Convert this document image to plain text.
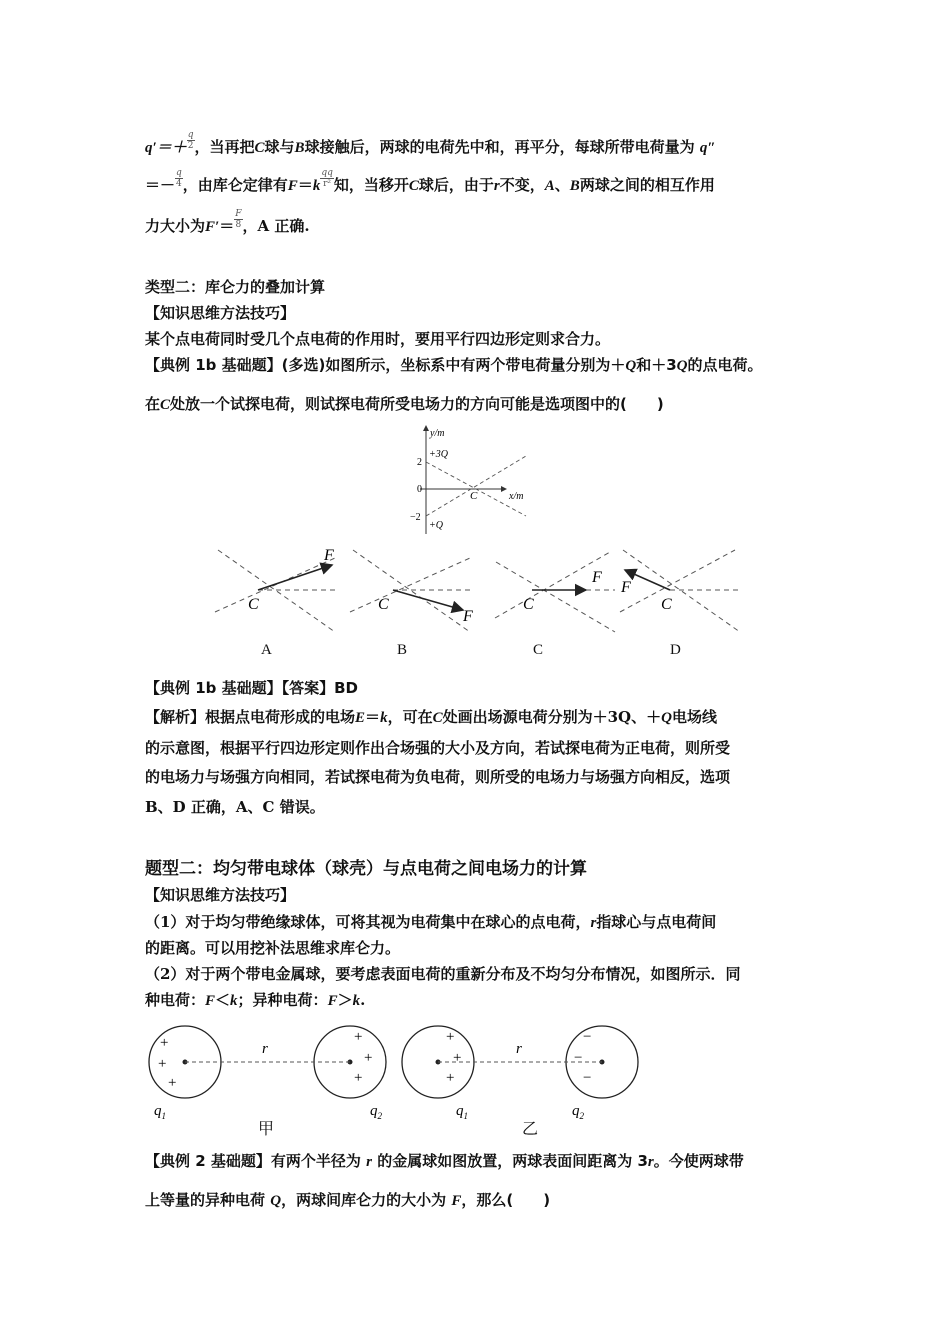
$q'=+ \frac{q}{2}$ ，当再把C球与B球接触后，两球的电荷先中和，再平分，每球所带电荷量为 q″
＝－ $\frac{q}{4}$ ，由库仑定律有$F=k \frac{qq}{\text{r²}}$ 知，当移开C球后，由于r不变，A、B两球之间的相互作用
力大小为$F'= \frac{F}{8}$ ，A 正确.
类型二：库仑力的叠加计算
【知识思维方法技巧】
某个点电荷同时受几个点电荷的作用时，要用平行四边形定则求合力。
【典例 1b 基础题】(多选)如图所示，坐标系中有两个带电荷量分别为＋Q和＋3Q的点电荷。
在C处放一个试探电荷，则试探电荷所受电场力的方向可能是选项图中的(　　)
y/m
x/m
2
0
−2
+3Q
+Q
C
F
C
A
F
C
B
F
C
C
F
C
D
【典例 1b 基础题】【答案】BD
【解析】根据点电荷形成的电场E＝k，可在C处画出场源电荷分别为＋3Q、＋Q电场线
的示意图，根据平行四边形定则作出合场强的大小及方向，若试探电荷为正电荷，则所受
的电场力与场强方向相同，若试探电荷为负电荷，则所受的电场力与场强方向相反，选项
B、D 正确，A、C 错误。
题型二：均匀带电球体（球壳）与点电荷之间电场力的计算
【知识思维方法技巧】
（1）对于均匀带绝缘球体，可将其视为电荷集中在球心的点电荷，r指球心与点电荷间
的距离。可以用挖补法思维求库仑力。
（2）对于两个带电金属球，要考虑表面电荷的重新分布及不均匀分布情况，如图所示．同
种电荷：F＜k；异种电荷：F＞k.
r
+
+
+
+
+
+
$q_1$	$q_2$
r
+
+
+
−
−
−
$q_1$	$q_2$
甲	乙
【典例 2 基础题】有两个半径为 r 的金属球如图放置，两球表面间距离为 3r。今使两球带
上等量的异种电荷 Q，两球间库仑力的大小为 F，那么(　　)
